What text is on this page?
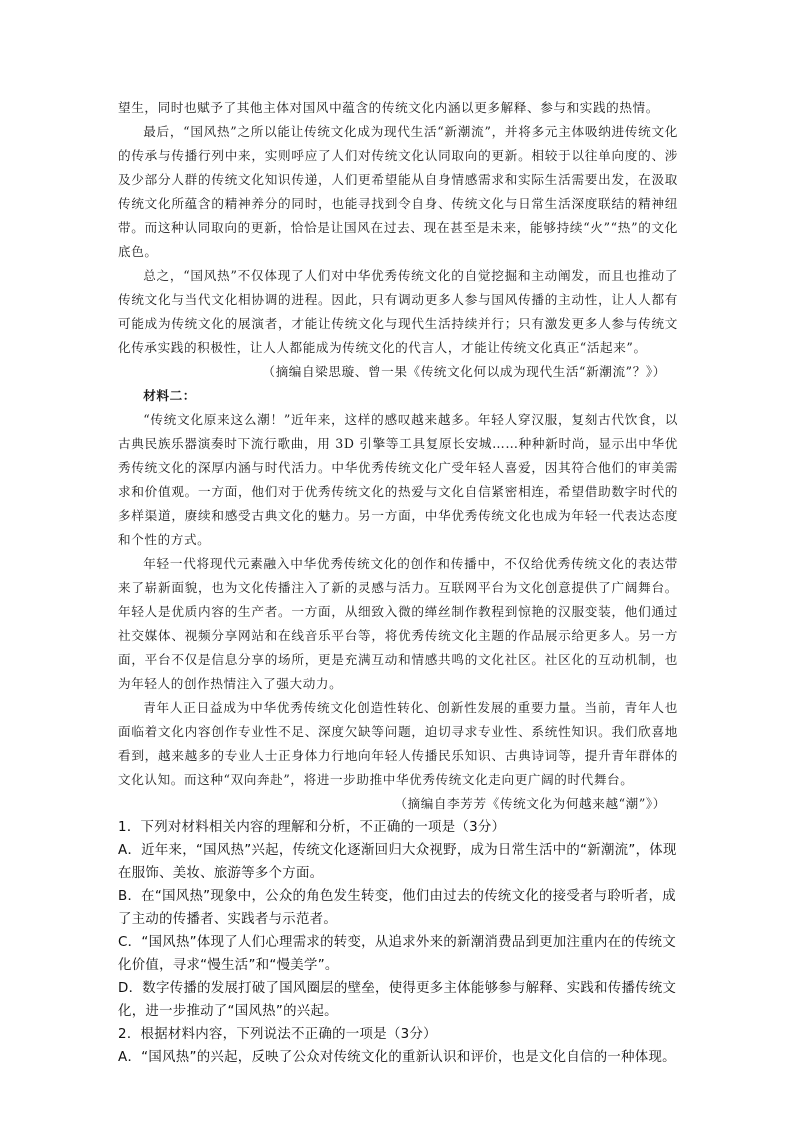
望生，同时也赋予了其他主体对国风中蕴含的传统文化内涵以更多解释、参与和实践的热情。

最后，“国风热”之所以能让传统文化成为现代生活“新潮流”，并将多元主体吸纳进传统文化的传承与传播行列中来，实则呼应了人们对传统文化认同取向的更新。相较于以往单向度的、涉及少部分人群的传统文化知识传递，人们更希望能从自身情感需求和实际生活需要出发，在汲取传统文化所蕴含的精神养分的同时，也能寻找到令自身、传统文化与日常生活深度联结的精神纽带。而这种认同取向的更新，恰恰是让国风在过去、现在甚至是未来，能够持续“火”“热”的文化底色。

总之，“国风热”不仅体现了人们对中华优秀传统文化的自觉挖掘和主动阐发，而且也推动了传统文化与当代文化相协调的进程。因此，只有调动更多人参与国风传播的主动性，让人人都有可能成为传统文化的展演者，才能让传统文化与现代生活持续并行；只有激发更多人参与传统文化传承实践的积极性，让人人都能成为传统文化的代言人，才能让传统文化真正“活起来”。

（摘编自梁思璇、曾一果《传统文化何以成为现代生活“新潮流”？》）

材料二：

“传统文化原来这么潮！”近年来，这样的感叹越来越多。年轻人穿汉服，复刻古代饮食，以古典民族乐器演奏时下流行歌曲，用 3D 引擎等工具复原长安城……种种新时尚，显示出中华优秀传统文化的深厚内涵与时代活力。中华优秀传统文化广受年轻人喜爱，因其符合他们的审美需求和价值观。一方面，他们对于优秀传统文化的热爱与文化自信紧密相连，希望借助数字时代的多样渠道，赓续和感受古典文化的魅力。另一方面，中华优秀传统文化也成为年轻一代表达态度和个性的方式。

年轻一代将现代元素融入中华优秀传统文化的创作和传播中，不仅给优秀传统文化的表达带来了崭新面貌，也为文化传播注入了新的灵感与活力。互联网平台为文化创意提供了广阔舞台。年轻人是优质内容的生产者。一方面，从细致入微的缂丝制作教程到惊艳的汉服变装，他们通过社交媒体、视频分享网站和在线音乐平台等，将优秀传统文化主题的作品展示给更多人。另一方面，平台不仅是信息分享的场所，更是充满互动和情感共鸣的文化社区。社区化的互动机制，也为年轻人的创作热情注入了强大动力。

青年人正日益成为中华优秀传统文化创造性转化、创新性发展的重要力量。当前，青年人也面临着文化内容创作专业性不足、深度欠缺等问题，迫切寻求专业性、系统性知识。我们欣喜地看到，越来越多的专业人士正身体力行地向年轻人传播民乐知识、古典诗词等，提升青年群体的文化认知。而这种“双向奔赴”，将进一步助推中华优秀传统文化走向更广阔的时代舞台。

（摘编自李芳芳《传统文化为何越来越“潮”》）

1．下列对材料相关内容的理解和分析，不正确的一项是（3分）

A．近年来，“国风热”兴起，传统文化逐渐回归大众视野，成为日常生活中的“新潮流”，体现在服饰、美妆、旅游等多个方面。

B．在“国风热”现象中，公众的角色发生转变，他们由过去的传统文化的接受者与聆听者，成了主动的传播者、实践者与示范者。

C．“国风热”体现了人们心理需求的转变，从追求外来的新潮消费品到更加注重内在的传统文化价值，寻求“慢生活”和“慢美学”。

D．数字传播的发展打破了国风圈层的壁垒，使得更多主体能够参与解释、实践和传播传统文化，进一步推动了“国风热”的兴起。

2．根据材料内容，下列说法不正确的一项是（3分）

A．“国风热”的兴起，反映了公众对传统文化的重新认识和评价，也是文化自信的一种体现。
